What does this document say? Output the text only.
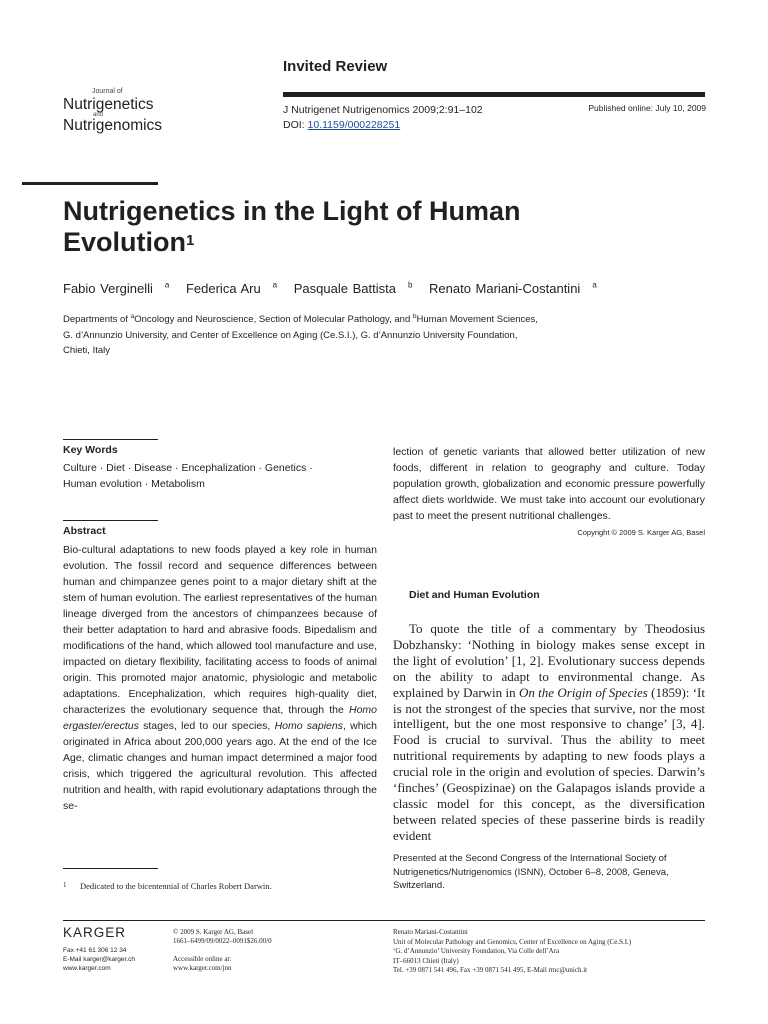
Journal of
Nutrigenetics
and
Nutrigenomics
Invited Review
J Nutrigenet Nutrigenomics 2009;2:91–102
DOI: 10.1159/000228251
Published online: July 10, 2009
Nutrigenetics in the Light of Human
Evolution$^1$
Fabio Verginelli $^a$ Federica Aru $^a$ Pasquale Battista $^b$ Renato Mariani-Costantini $^a$
Departments of $^a$Oncology and Neuroscience, Section of Molecular Pathology, and $^b$Human Movement Sciences,
G. d’Annunzio University, and Center of Excellence on Aging (Ce.S.I.), G. d’Annunzio University Foundation,
Chieti, Italy
Key Words
Culture · Diet · Disease · Encephalization · Genetics ·
Human evolution · Metabolism
Abstract
Bio-cultural adaptations to new foods played a key role in human evolution. The fossil record and sequence differences between human and chimpanzee genes point to a major dietary shift at the stem of human evolution. The earliest representatives of the human lineage diverged from the ancestors of chimpanzees because of their better adaptation to hard and abrasive foods. Bipedalism and modifications of the hand, which allowed tool manufacture and use, impacted on dietary flexibility, facilitating access to foods of animal origin. This promoted major anatomic, physiologic and metabolic adaptations. Encephalization, which requires high-quality diet, characterizes the evolutionary sequence that, through the Homo ergaster/erectus stages, led to our species, Homo sapiens, which originated in Africa about 200,000 years ago. At the end of the Ice Age, climatic changes and human impact determined a major food crisis, which triggered the agricultural revolution. This affected nutrition and health, with rapid evolutionary adaptations through the se-
lection of genetic variants that allowed better utilization of new foods, different in relation to geography and culture. Today population growth, globalization and economic pressure powerfully affect diets worldwide. We must take into account our evolutionary past to meet the present nutritional challenges.
Copyright © 2009 S. Karger AG, Basel
Diet and Human Evolution

To quote the title of a commentary by Theodosius Dobzhansky: ‘Nothing in biology makes sense except in the light of evolution’ [1, 2]. Evolutionary success depends on the ability to adapt to environmental change. As explained by Darwin in On the Origin of Species (1859): ‘It is not the strongest of the species that survive, nor the most intelligent, but the one most responsive to change’ [3, 4]. Food is crucial to survival. Thus the ability to meet nutritional requirements by adapting to new foods plays a crucial role in the origin and evolution of species. Darwin’s ‘finches’ (Geospizinae) on the Galapagos islands provide a classic model for this concept, as the diversification between related species of these passerine birds is readily evident

1 Dedicated to the bicentennial of Charles Robert Darwin.
Presented at the Second Congress of the International Society of Nutrigenetics/Nutrigenomics (ISNN), October 6–8, 2008, Geneva, Switzerland.
KARGER
Fax +41 61 306 12 34
E-Mail karger@karger.ch
www.karger.com
© 2009 S. Karger AG, Basel
1661–6499/09/0022–0091$26.00/0
Accessible online at:
www.karger.com/jnn
Renato Mariani-Costantini
Unit of Molecular Pathology and Genomics, Center of Excellence on Aging (Ce.S.I.)
‘G. d’Annunzio’ University Foundation, Via Colle dell’Ara
IT–66013 Chieti (Italy)
Tel. +39 0871 541 496, Fax +39 0871 541 495, E-Mail rmc@unich.it
